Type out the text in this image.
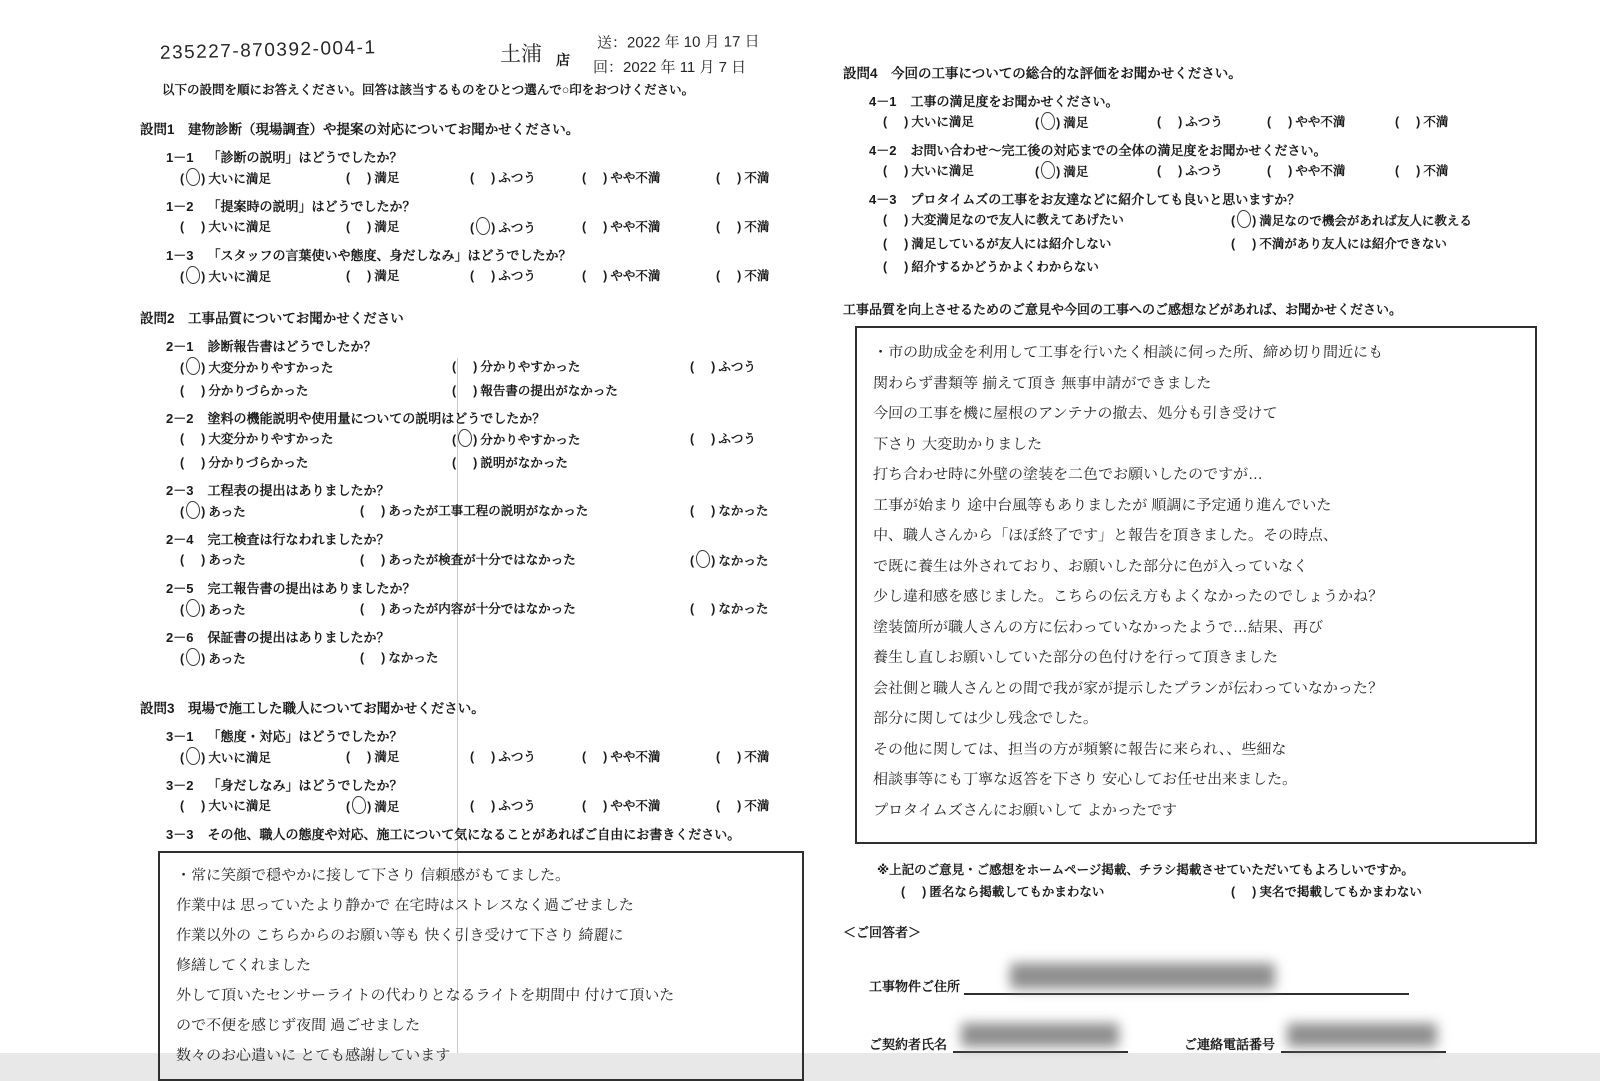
235227-870392-004-1	土浦 店
送：2022 年 10 月 17 日
回：2022 年 11 月 7 日
以下の設問を順にお答えください。回答は該当するものをひとつ選んで○印をおつけください。
設問1　建物診断（現場調査）や提案の対応についてお聞かせください。
1－1 「診断の説明」はどうでしたか？
( ) 大いに満足	( ) 満足	( ) ふつう	( ) やや不満	( ) 不満
1－2 「提案時の説明」はどうでしたか？
( ) 大いに満足	( ) 満足	( ) ふつう	( ) やや不満	( ) 不満
1－3 「スタッフの言葉使いや態度、身だしなみ」はどうでしたか？
( ) 大いに満足	( ) 満足	( ) ふつう	( ) やや不満	( ) 不満
設問2　工事品質についてお聞かせください
2－1 診断報告書はどうでしたか？
( ) 大変分かりやすかった	( ) 分かりやすかった	( ) ふつう
( ) 分かりづらかった	( ) 報告書の提出がなかった
2－2 塗料の機能説明や使用量についての説明はどうでしたか？
( ) 大変分かりやすかった	( ) 分かりやすかった	( ) ふつう
( ) 分かりづらかった	( ) 説明がなかった
2－3 工程表の提出はありましたか？
( ) あった	( ) あったが工事工程の説明がなかった	( ) なかった
2－4 完工検査は行なわれましたか？
( ) あった	( ) あったが検査が十分ではなかった	( ) なかった
2－5 完工報告書の提出はありましたか？
( ) あった	( ) あったが内容が十分ではなかった	( ) なかった
2－6 保証書の提出はありましたか？
( ) あった	( ) なかった
設問3　現場で施工した職人についてお聞かせください。
3－1 「態度・対応」はどうでしたか？
( ) 大いに満足	( ) 満足	( ) ふつう	( ) やや不満	( ) 不満
3－2 「身だしなみ」はどうでしたか？
( ) 大いに満足	( ) 満足	( ) ふつう	( ) やや不満	( ) 不満
3－3 その他、職人の態度や対応、施工について気になることがあればご自由にお書きください。
・常に笑顔で穏やかに接して下さり 信頼感がもてました。
作業中は 思っていたより静かで 在宅時はストレスなく過ごせました
作業以外の こちらからのお願い等も 快く引き受けて下さり 綺麗に
修繕してくれました
外して頂いたセンサーライトの代わりとなるライトを期間中 付けて頂いた
ので不便を感じず夜間 過ごせました
数々のお心遣いに とても感謝しています
設問4　今回の工事についての総合的な評価をお聞かせください。
4－1 工事の満足度をお聞かせください。
( ) 大いに満足	( ) 満足	( ) ふつう	( ) やや不満	( ) 不満
4－2 お問い合わせ～完工後の対応までの全体の満足度をお聞かせください。
( ) 大いに満足	( ) 満足	( ) ふつう	( ) やや不満	( ) 不満
4－3 プロタイムズの工事をお友達などに紹介しても良いと思いますか？
( ) 大変満足なので友人に教えてあげたい	( ) 満足なので機会があれば友人に教える
( ) 満足しているが友人には紹介しない	( ) 不満があり友人には紹介できない
( ) 紹介するかどうかよくわからない
工事品質を向上させるためのご意見や今回の工事へのご感想などがあれば、お聞かせください。
・市の助成金を利用して工事を行いたく相談に伺った所、締め切り間近にも
関わらず書類等 揃えて頂き 無事申請ができました
今回の工事を機に屋根のアンテナの撤去、処分も引き受けて
下さり 大変助かりました
打ち合わせ時に外壁の塗装を二色でお願いしたのですが…
工事が始まり 途中台風等もありましたが 順調に予定通り進んでいた
中、職人さんから「ほぼ終了です」と報告を頂きました。その時点、
で既に養生は外されており、お願いした部分に色が入っていなく
少し違和感を感じました。こちらの伝え方もよくなかったのでしょうかね？
塗装箇所が職人さんの方に伝わっていなかったようで…結果、再び
養生し直しお願いしていた部分の色付けを行って頂きました
会社側と職人さんとの間で我が家が提示したプランが伝わっていなかった？
部分に関しては少し残念でした。
その他に関しては、担当の方が頻繁に報告に来られ、、些細な
相談事等にも丁寧な返答を下さり 安心してお任せ出来ました。
プロタイムズさんにお願いして よかったです
※上記のご意見・ご感想をホームページ掲載、チラシ掲載させていただいてもよろしいですか。
( ) 匿名なら掲載してもかまわない	( ) 実名で掲載してもかまわない
＜ご回答者＞
工事物件ご住所
ご契約者氏名	ご連絡電話番号
